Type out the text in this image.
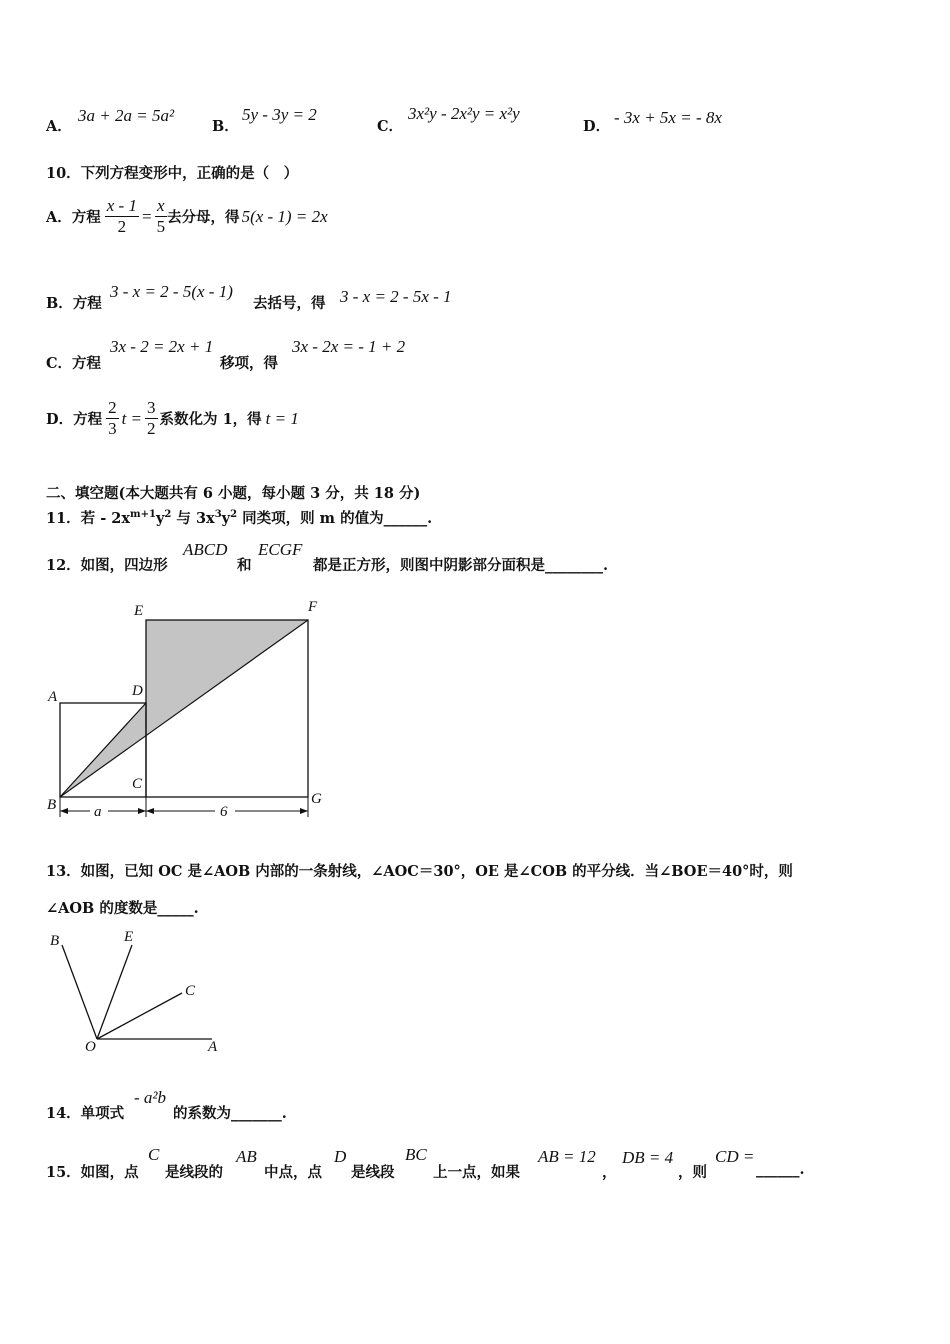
A．
3a + 2a = 5a²
B．
5y - 3y = 2
C．
3x²y - 2x²y = x²y
D． - 3x + 5x = - 8x
10．下列方程变形中，正确的是（　）
A．方程 $\frac{x - 1}{2} = \frac{x}{5}$ 去分母，得 5(x - 1) = 2x
B．方程
3 - x = 2 - 5(x - 1)
去括号，得 3 - x = 2 - 5x - 1
C．方程
3x - 2 = 2x + 1
移项，得
3x - 2x = - 1 + 2
D．方程 $\frac{2}{3}$ $t = \frac{3}{2}$ 系数化为 1，得 t = 1
二、填空题(本大题共有 6 小题，每小题 3 分，共 18 分)
11．若 - $2x^{m+1}y^2$ 与 $3x^3y^2$ 同类项，则 m 的值为______.
12．如图，四边形
ABCD
和
ECGF
都是正方形，则图中阴影部分面积是________.
E	F
A	D
C
B	G
a	6
13．如图，已知 OC 是∠AOB 内部的一条射线，∠AOC＝30°，OE 是∠COB 的平分线．当∠BOE＝40°时，则
∠AOB 的度数是_____.
B	E
C
O	A
14．单项式
- a²b
的系数为_______.
15．如图，点
C
是线段的
AB
中点，点
D
是线段
BC
上一点，如果
AB = 12
，
DB = 4
，则
CD =
______.
